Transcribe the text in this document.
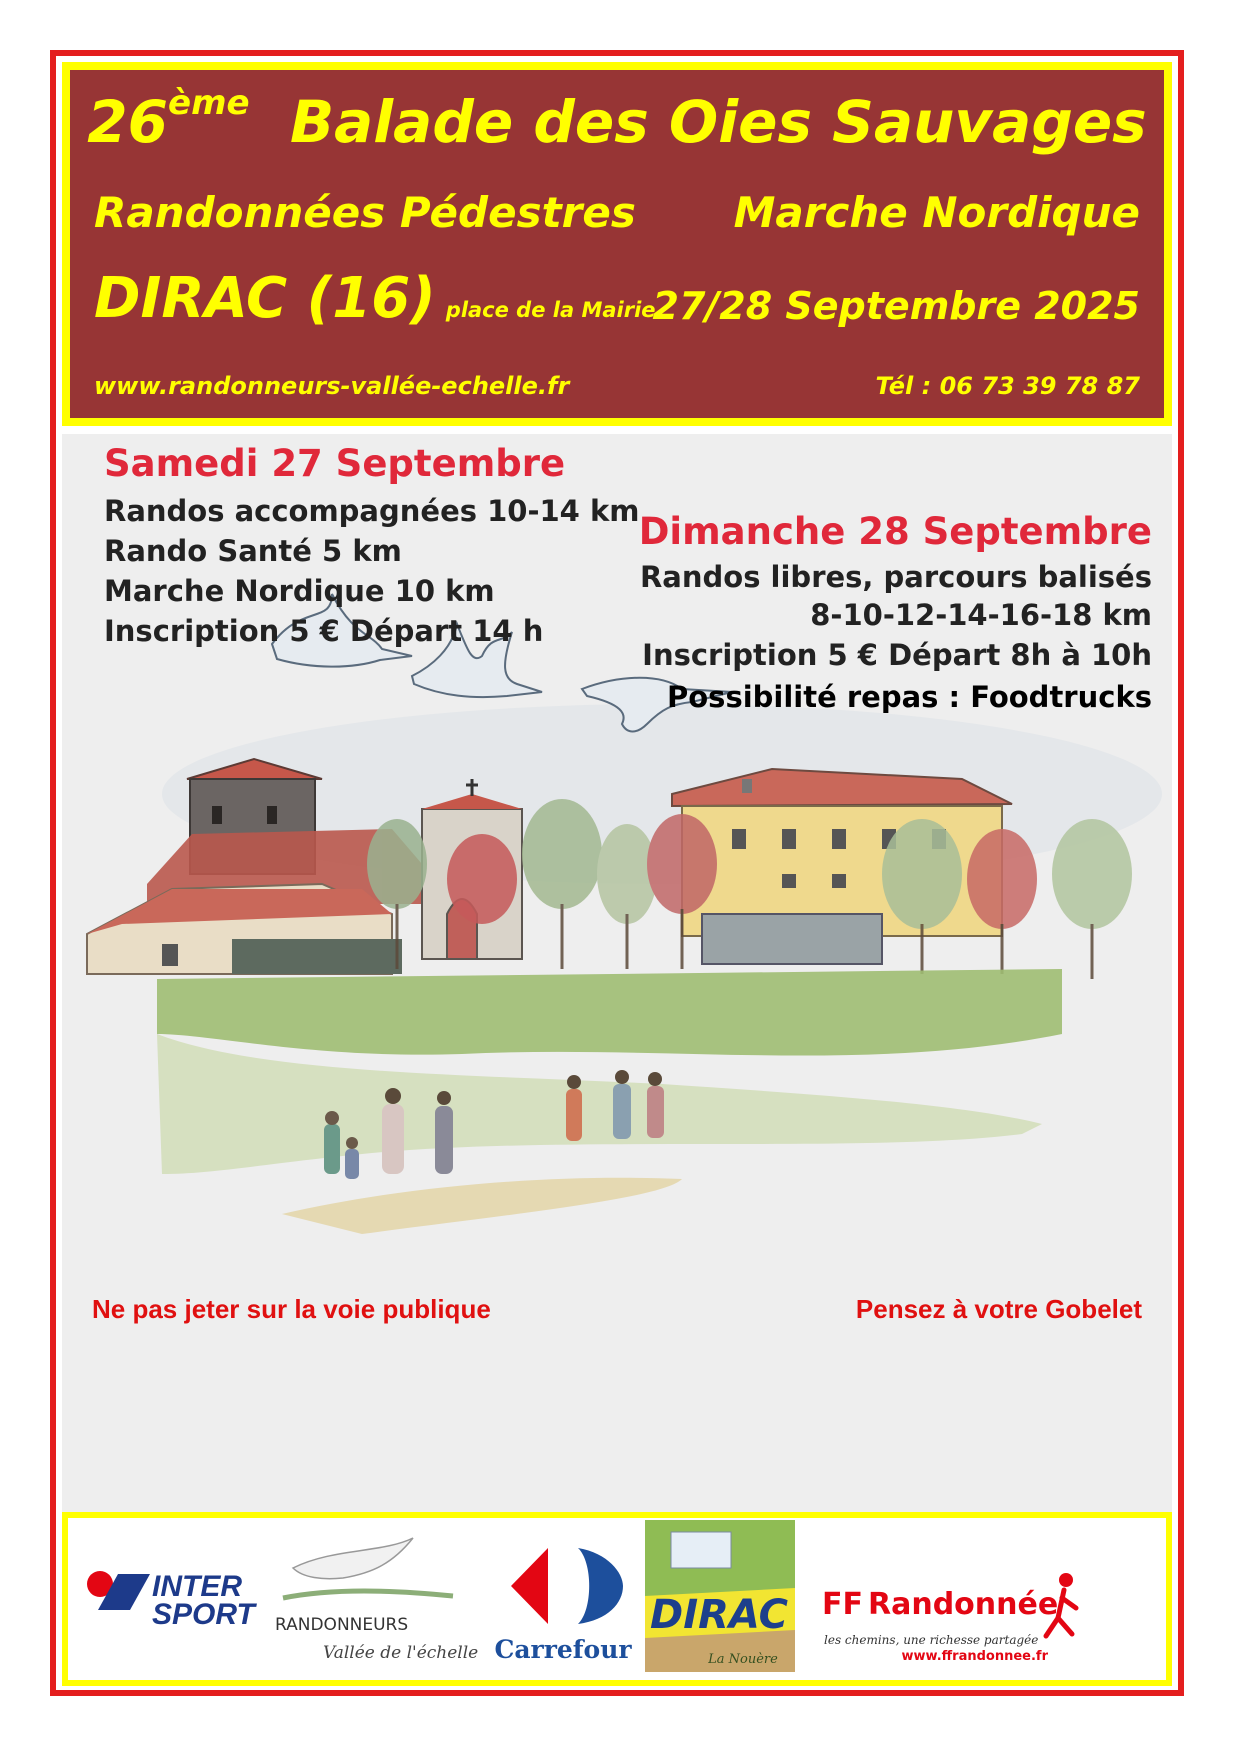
26ème Balade des Oies Sauvages
Randonnées Pédestres Marche Nordique
DIRAC (16) place de la Mairie
27/28 Septembre 2025
www.randonneurs-vallée-echelle.fr	Tél : 06 73 39 78 87
Samedi 27 Septembre
Randos accompagnées 10-14 km
Rando Santé 5 km
Marche Nordique 10 km
Inscription 5 € Départ 14 h
Dimanche 28 Septembre
Randos libres, parcours balisés
8-10-12-14-16-18 km
Inscription 5 € Départ 8h à 10h
Possibilité repas : Foodtrucks
Ne pas jeter sur la voie publique	Pensez à votre Gobelet
INTER
SPORT RANDONNEURS
Vallée de l'échelle Carrefour
DIRAC
La Nouère
FF Randonnée
les chemins, une richesse partagée
www.ffrandonnee.fr
